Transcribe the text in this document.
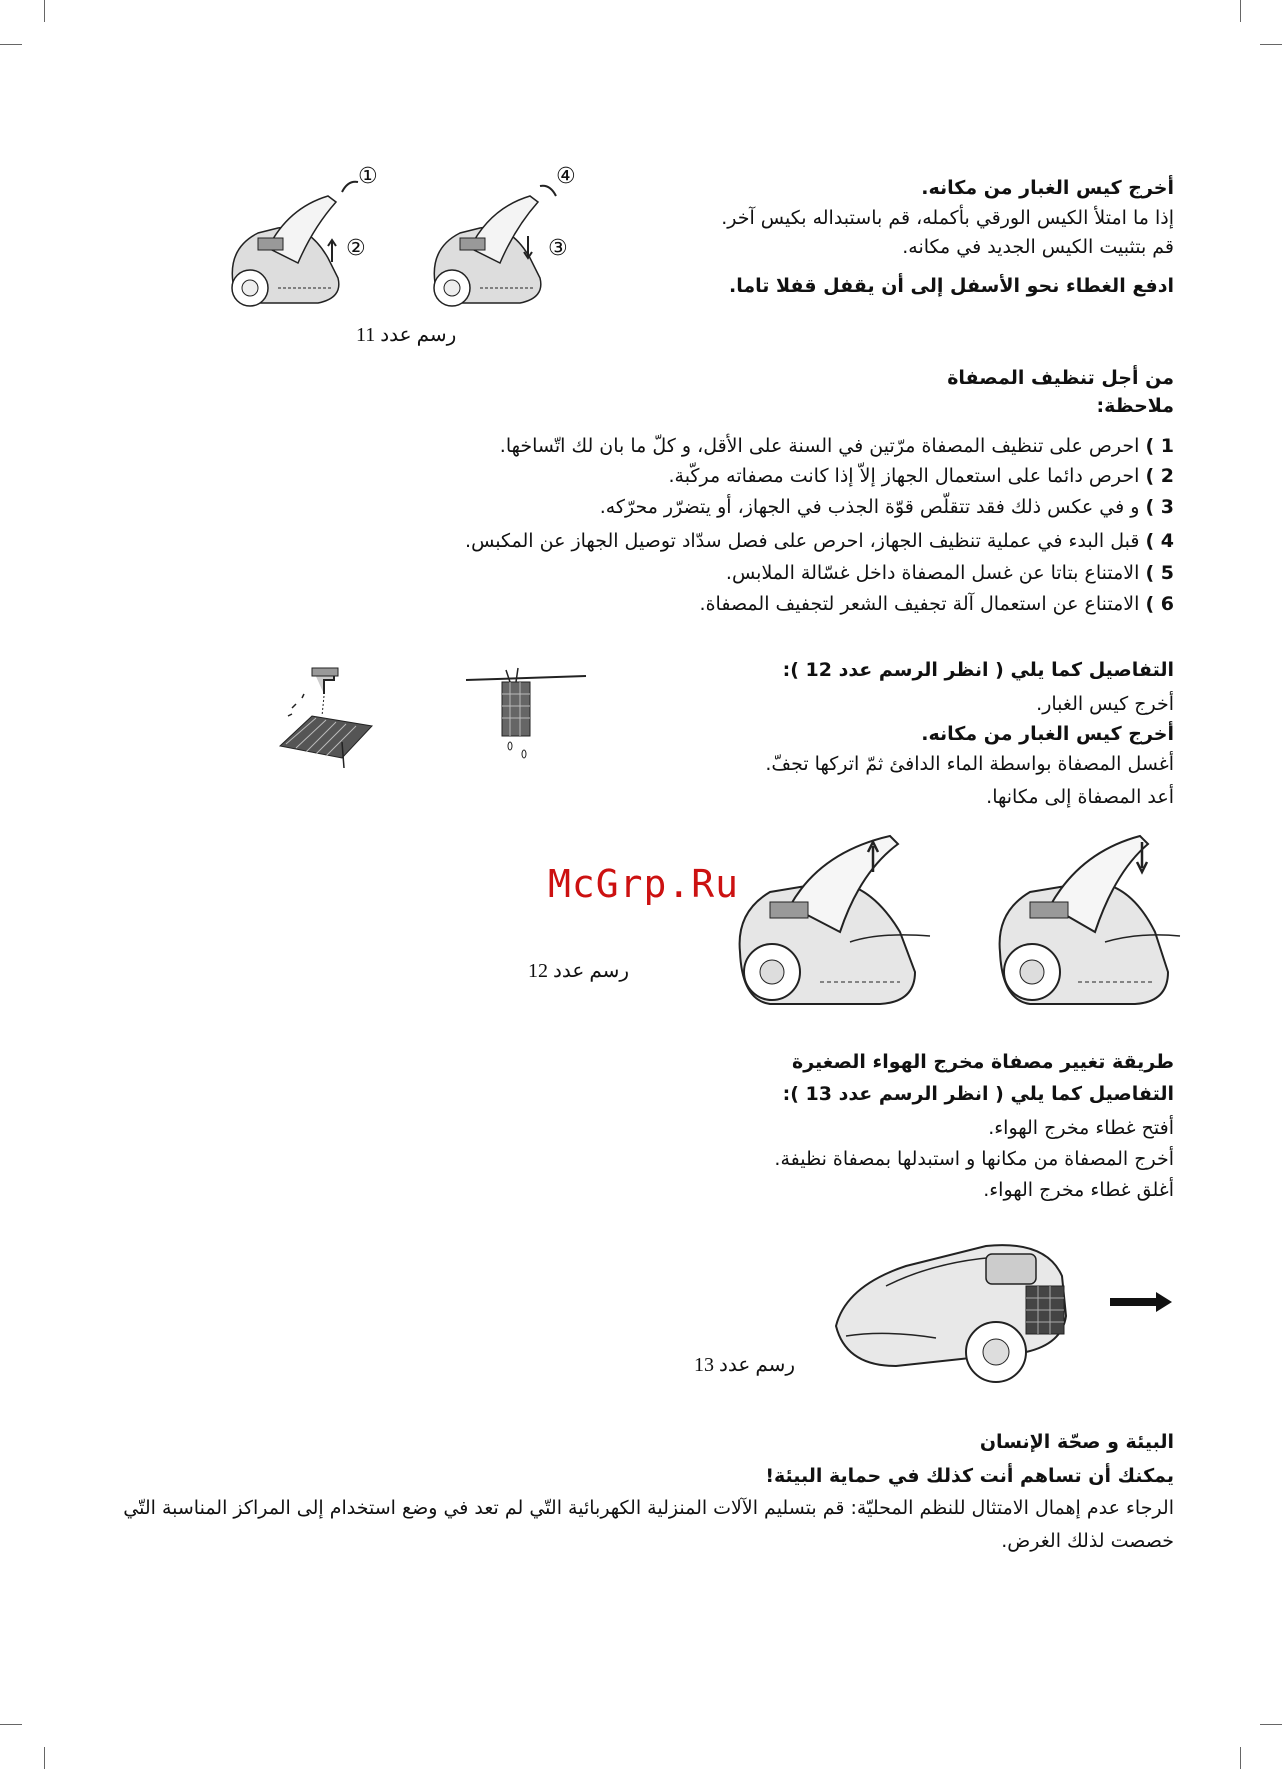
أخرج كيس الغبار من مكانه.
إذا ما امتلأ الكيس الورقي بأكمله، قم باستبداله بكيس آخر.
قم بتثبيت الكيس الجديد في مكانه.
ادفع الغطاء نحو الأسفل إلى أن يقفل قفلا تاما.
①
②
④
③
رسم عدد 11
من أجل تنظيف المصفاة
ملاحظة:
1 ) احرص على تنظيف المصفاة مرّتين في السنة على الأقل، و كلّ ما بان لك اتّساخها.
2 ) احرص دائما على استعمال الجهاز إلاّ إذا كانت مصفاته مركّبة.
3 ) و في عكس ذلك فقد تتقلّص قوّة الجذب في الجهاز، أو يتضرّر محرّكه.
4 ) قبل البدء في عملية تنظيف الجهاز، احرص على فصل سدّاد توصيل الجهاز عن المكبس.
5 ) الامتناع بتاتا عن غسل المصفاة داخل غسّالة الملابس.
6 ) الامتناع عن استعمال آلة تجفيف الشعر لتجفيف المصفاة.
التفاصيل كما يلي ( انظر الرسم عدد 12 ):
أخرج كيس الغبار.
أخرج كيس الغبار من مكانه.
أغسل المصفاة بواسطة الماء الدافئ ثمّ اتركها تجفّ.
أعد المصفاة إلى مكانها.
رسم عدد 12
McGrp.Ru
طريقة تغيير مصفاة مخرج الهواء الصغيرة
التفاصيل كما يلي ( انظر الرسم عدد 13 ):
أفتح غطاء مخرج الهواء.
أخرج المصفاة من مكانها و استبدلها بمصفاة نظيفة.
أغلق غطاء مخرج الهواء.
رسم عدد 13
البيئة و صحّة الإنسان
يمكنك أن تساهم أنت كذلك في حماية البيئة!
الرجاء عدم إهمال الامتثال للنظم المحليّة: قم بتسليم الآلات المنزلية الكهربائية التّي لم تعد في وضع استخدام إلى المراكز المناسبة التّي خصصت لذلك الغرض.
